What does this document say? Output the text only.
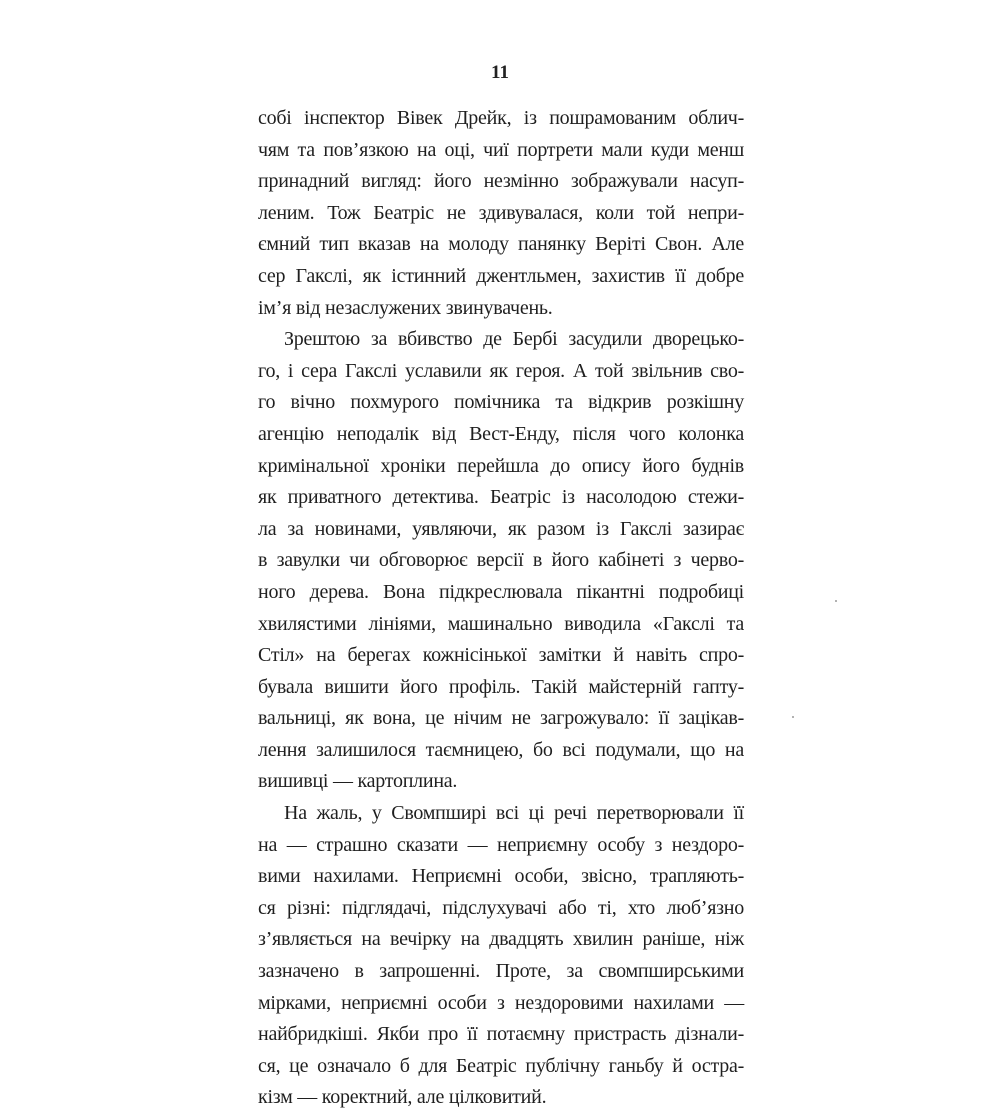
11
собі інспектор Вівек Дрейк, із пошрамованим облич-
чям та пов’язкою на оці, чиї портрети мали куди менш
принадний вигляд: його незмінно зображували насуп-
леним. Тож Беатріс не здивувалася, коли той непри-
ємний тип вказав на молоду панянку Веріті Свон. Але
сер Гакслі, як істинний джентльмен, захистив її добре
ім’я від незаслужених звинувачень.
Зрештою за вбивство де Бербі засудили дворецько-
го, і сера Гакслі уславили як героя. А той звільнив сво-
го вічно похмурого помічника та відкрив розкішну
агенцію неподалік від Вест-Енду, після чого колонка
кримінальної хроніки перейшла до опису його буднів
як приватного детектива. Беатріс із насолодою стежи-
ла за новинами, уявляючи, як разом із Гакслі зазирає
в завулки чи обговорює версії в його кабінеті з черво-
ного дерева. Вона підкреслювала пікантні подробиці
хвилястими лініями, машинально виводила «Гакслі та
Стіл» на берегах кожнісінької замітки й навіть спро-
бувала вишити його профіль. Такій майстерній гапту-
вальниці, як вона, це нічим не загрожувало: її зацікав-
лення залишилося таємницею, бо всі подумали, що на
вишивці — картоплина.
На жаль, у Свомпширі всі ці речі перетворювали її
на — страшно сказати — неприємну особу з нездоро-
вими нахилами. Неприємні особи, звісно, трапляють-
ся різні: підглядачі, підслухувачі або ті, хто люб’язно
з’являється на вечірку на двадцять хвилин раніше, ніж
зазначено в запрошенні. Проте, за свомпширськими
мірками, неприємні особи з нездоровими нахилами —
найбридкіші. Якби про її потаємну пристрасть дізнали-
ся, це означало б для Беатріс публічну ганьбу й остра-
кізм — коректний, але цілковитий.
